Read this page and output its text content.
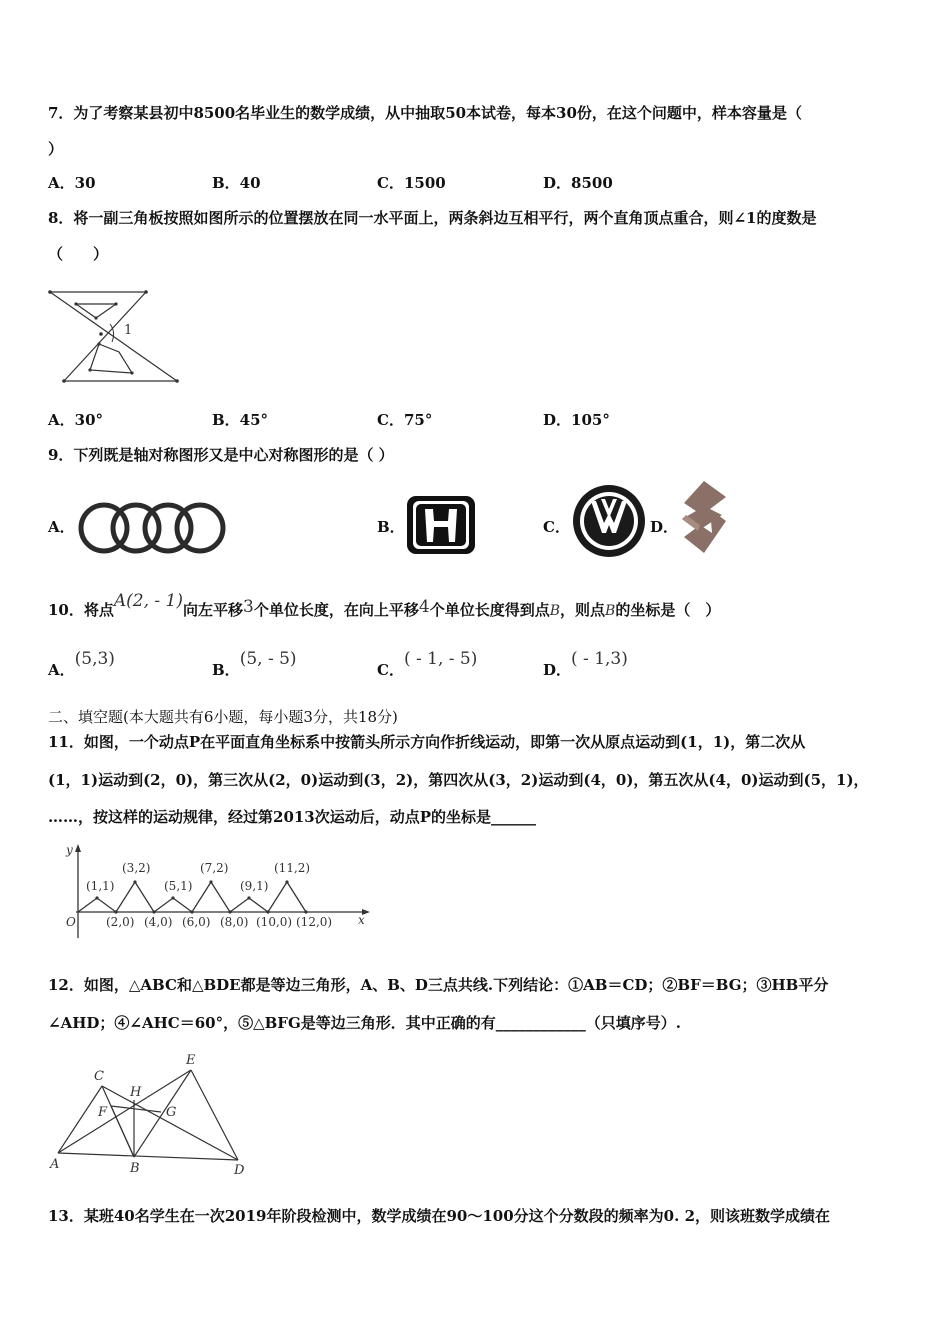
7．为了考察某县初中8500名毕业生的数学成绩，从中抽取50本试卷，每本30份，在这个问题中，样本容量是（
）
A．30	B．40	C．1500	D．8500
8．将一副三角板按照如图所示的位置摆放在同一水平面上，两条斜边互相平行，两个直角顶点重合，则∠1的度数是
（　　）
1
A．30°	B．45°	C．75°	D．105°
9．下列既是轴对称图形又是中心对称图形的是（ ）
A．	B．	C．	D．
10．将点A(2, - 1)向左平移3个单位长度，在向上平移4个单位长度得到点B，则点B的坐标是（　）
A．(5,3)
B．(5, - 5)
C．( - 1, - 5)
D．( - 1,3)
二、填空题(本大题共有6小题，每小题3分，共18分)
11．如图，一个动点P在平面直角坐标系中按箭头所示方向作折线运动，即第一次从原点运动到(1，1)，第二次从
(1，1)运动到(2，0)，第三次从(2，0)运动到(3，2)，第四次从(3，2)运动到(4，0)，第五次从(4，0)运动到(5，1)，
……，按这样的运动规律，经过第2013次运动后，动点P的坐标是______
y
x
O
(1,1)
(3,2)
(5,1)
(7,2)
(9,1)
(11,2)
(2,0) (4,0) (6,0) (8,0) (10,0) (12,0)
12．如图，△ABC和△BDE都是等边三角形，A、B、D三点共线.下列结论：①AB＝CD；②BF＝BG；③HB平分
∠AHD；④∠AHC＝60°，⑤△BFG是等边三角形．其中正确的有____________（只填序号）.
A	B
C
D
E
F	G
H
13．某班40名学生在一次2019年阶段检测中，数学成绩在90～100分这个分数段的频率为0. 2，则该班数学成绩在
